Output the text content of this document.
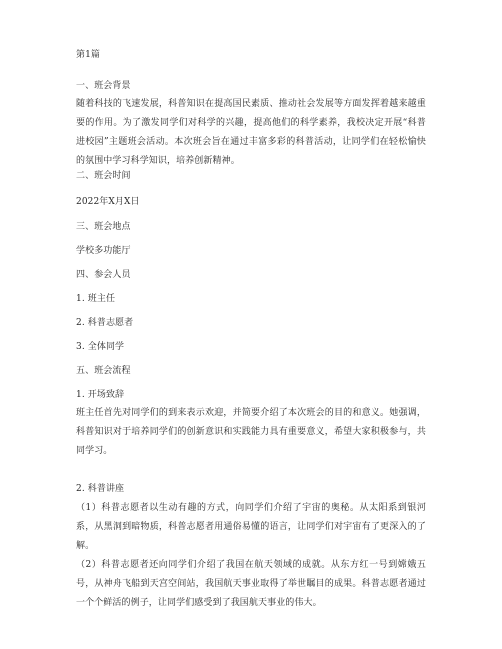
第1篇
一、班会背景
随着科技的飞速发展，科普知识在提高国民素质、推动社会发展等方面发挥着越来越重要的作用。为了激发同学们对科学的兴趣，提高他们的科学素养，我校决定开展“科普进校园”主题班会活动。本次班会旨在通过丰富多彩的科普活动，让同学们在轻松愉快的氛围中学习科学知识，培养创新精神。
二、班会时间
2022年X月X日
三、班会地点
学校多功能厅
四、参会人员
1. 班主任
2. 科普志愿者
3. 全体同学
五、班会流程
1. 开场致辞
班主任首先对同学们的到来表示欢迎，并简要介绍了本次班会的目的和意义。她强调，科普知识对于培养同学们的创新意识和实践能力具有重要意义，希望大家积极参与，共同学习。
2. 科普讲座
（1）科普志愿者以生动有趣的方式，向同学们介绍了宇宙的奥秘。从太阳系到银河系，从黑洞到暗物质，科普志愿者用通俗易懂的语言，让同学们对宇宙有了更深入的了解。
（2）科普志愿者还向同学们介绍了我国在航天领域的成就。从东方红一号到嫦娥五号，从神舟飞船到天宫空间站，我国航天事业取得了举世瞩目的成果。科普志愿者通过一个个鲜活的例子，让同学们感受到了我国航天事业的伟大。
